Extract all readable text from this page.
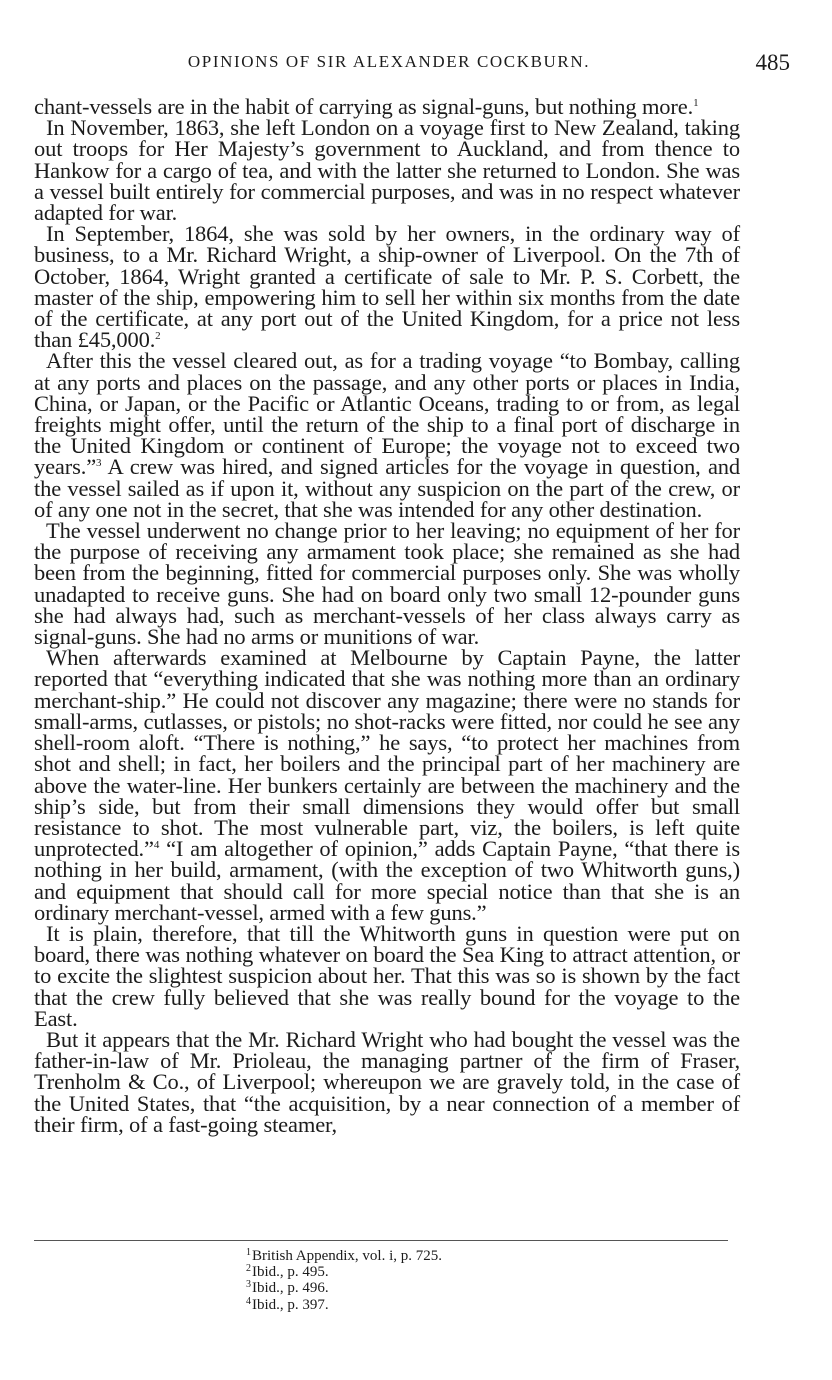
OPINIONS OF SIR ALEXANDER COCKBURN.	485

chant-vessels are in the habit of carrying as signal-guns, but nothing more.$^1$

In November, 1863, she left London on a voyage first to New Zealand, taking out troops for Her Majesty’s government to Auckland, and from thence to Hankow for a cargo of tea, and with the latter she returned to London. She was a vessel built entirely for commercial purposes, and was in no respect whatever adapted for war.

In September, 1864, she was sold by her owners, in the ordinary way of business, to a Mr. Richard Wright, a ship-owner of Liverpool. On the 7th of October, 1864, Wright granted a certificate of sale to Mr. P. S. Corbett, the master of the ship, empowering him to sell her within six months from the date of the certificate, at any port out of the United Kingdom, for a price not less than £45,000.$^2$

After this the vessel cleared out, as for a trading voyage “to Bombay, calling at any ports and places on the passage, and any other ports or places in India, China, or Japan, or the Pacific or Atlantic Oceans, trading to or from, as legal freights might offer, until the return of the ship to a final port of discharge in the United Kingdom or continent of Europe; the voyage not to exceed two years.”$^3$ A crew was hired, and signed articles for the voyage in question, and the vessel sailed as if upon it, without any suspicion on the part of the crew, or of any one not in the secret, that she was intended for any other destination.

The vessel underwent no change prior to her leaving; no equipment of her for the purpose of receiving any armament took place; she remained as she had been from the beginning, fitted for commercial purposes only. She was wholly unadapted to receive guns. She had on board only two small 12-pounder guns she had always had, such as merchant-vessels of her class always carry as signal-guns. She had no arms or munitions of war.

When afterwards examined at Melbourne by Captain Payne, the latter reported that “everything indicated that she was nothing more than an ordinary merchant-ship.” He could not discover any magazine; there were no stands for small-arms, cutlasses, or pistols; no shot-racks were fitted, nor could he see any shell-room aloft. “There is nothing,” he says, “to protect her machines from shot and shell; in fact, her boilers and the principal part of her machinery are above the water-line. Her bunkers certainly are between the machinery and the ship’s side, but from their small dimensions they would offer but small resistance to shot. The most vulnerable part, viz, the boilers, is left quite unprotected.”$^4$ “I am altogether of opinion,” adds Captain Payne, “that there is nothing in her build, armament, (with the exception of two Whitworth guns,) and equipment that should call for more special notice than that she is an ordinary merchant-vessel, armed with a few guns.”

It is plain, therefore, that till the Whitworth guns in question were put on board, there was nothing whatever on board the Sea King to attract attention, or to excite the slightest suspicion about her. That this was so is shown by the fact that the crew fully believed that she was really bound for the voyage to the East.

But it appears that the Mr. Richard Wright who had bought the vessel was the father-in-law of Mr. Prioleau, the managing partner of the firm of Fraser, Trenholm & Co., of Liverpool; whereupon we are gravely told, in the case of the United States, that “the acquisition, by a near connection of a member of their firm, of a fast-going steamer,

$^1$British Appendix, vol. i, p. 725.
$^2$Ibid., p. 495.
$^3$Ibid., p. 496.
$^4$Ibid., p. 397.
